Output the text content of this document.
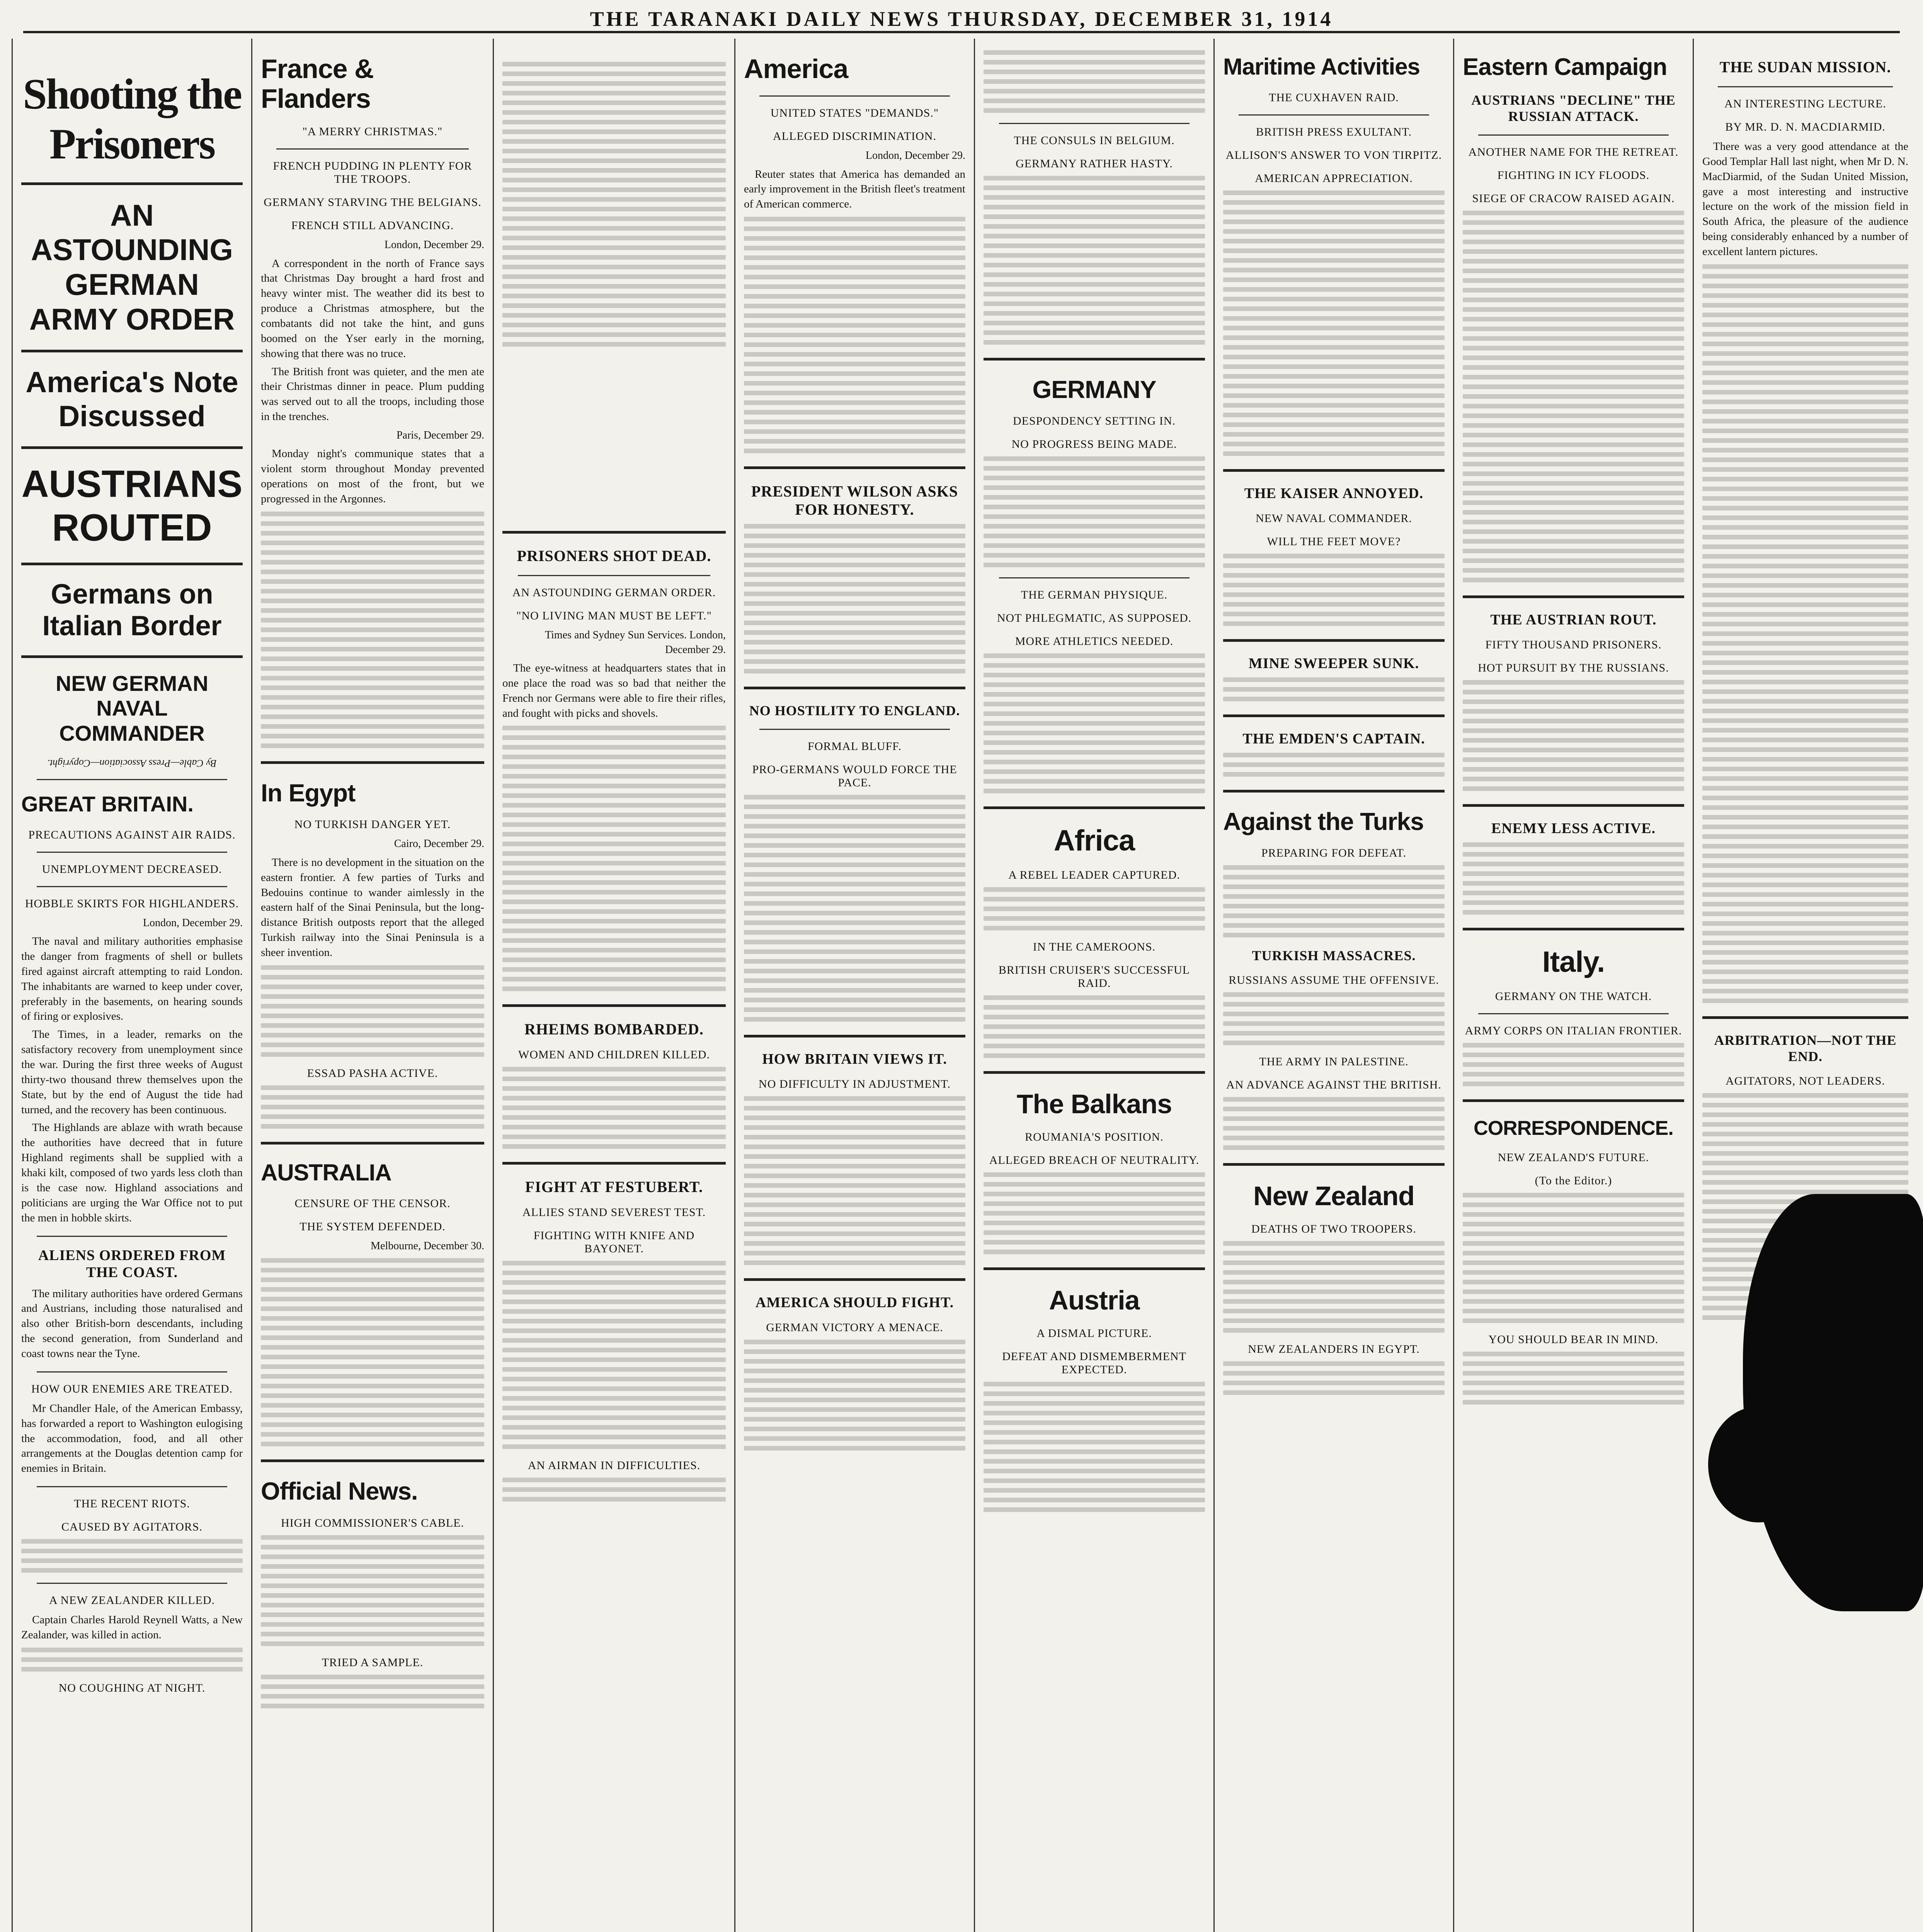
THE TARANAKI DAILY NEWS THURSDAY, DECEMBER 31, 1914
Shooting the Prisoners
AN ASTOUNDING GERMAN ARMY ORDER
America's Note Discussed
AUSTRIANS ROUTED
Germans on Italian Border
NEW GERMAN NAVAL COMMANDER
By Cable—Press Association—Copyright.
GREAT BRITAIN.
PRECAUTIONS AGAINST AIR RAIDS.
UNEMPLOYMENT DECREASED.
HOBBLE SKIRTS FOR HIGHLANDERS.

London, December 29.

The naval and military authorities emphasise the danger from fragments of shell or bullets fired against aircraft attempting to raid London. The inhabitants are warned to keep under cover, preferably in the basements, on hearing sounds of firing or explosives.

The Times, in a leader, remarks on the satisfactory recovery from unemployment since the war. During the first three weeks of August thirty-two thousand threw themselves upon the State, but by the end of August the tide had turned, and the recovery has been continuous.

The Highlands are ablaze with wrath because the authorities have decreed that in future Highland regiments shall be supplied with a khaki kilt, composed of two yards less cloth than is the case now. Highland associations and politicians are urging the War Office not to put the men in hobble skirts.

ALIENS ORDERED FROM THE COAST.

The military authorities have ordered Germans and Austrians, including those naturalised and also other British-born descendants, including the second generation, from Sunderland and coast towns near the Tyne.

HOW OUR ENEMIES ARE TREATED.

Mr Chandler Hale, of the American Embassy, has forwarded a report to Washington eulogising the accommodation, food, and all other arrangements at the Douglas detention camp for enemies in Britain.

THE RECENT RIOTS.
CAUSED BY AGITATORS.
A NEW ZEALANDER KILLED.

Captain Charles Harold Reynell Watts, a New Zealander, was killed in action.

NO COUGHING AT NIGHT.
France & Flanders
"A MERRY CHRISTMAS."
FRENCH PUDDING IN PLENTY FOR THE TROOPS.
GERMANY STARVING THE BELGIANS.
FRENCH STILL ADVANCING.

London, December 29.

A correspondent in the north of France says that Christmas Day brought a hard frost and heavy winter mist. The weather did its best to produce a Christmas atmosphere, but the combatants did not take the hint, and guns boomed on the Yser early in the morning, showing that there was no truce.

The British front was quieter, and the men ate their Christmas dinner in peace. Plum pudding was served out to all the troops, including those in the trenches.

Paris, December 29.

Monday night's communique states that a violent storm throughout Monday prevented operations on most of the front, but we progressed in the Argonnes.

In Egypt
NO TURKISH DANGER YET.

Cairo, December 29.

There is no development in the situation on the eastern frontier. A few parties of Turks and Bedouins continue to wander aimlessly in the eastern half of the Sinai Peninsula, but the long-distance British outposts report that the alleged Turkish railway into the Sinai Peninsula is a sheer invention.

ESSAD PASHA ACTIVE.
AUSTRALIA
CENSURE OF THE CENSOR.
THE SYSTEM DEFENDED.

Melbourne, December 30.

Official News.
HIGH COMMISSIONER'S CABLE.
TRIED A SAMPLE.
PRISONERS SHOT DEAD.
AN ASTOUNDING GERMAN ORDER.
"NO LIVING MAN MUST BE LEFT."

Times and Sydney Sun Services. London, December 29.

The eye-witness at headquarters states that in one place the road was so bad that neither the French nor Germans were able to fire their rifles, and fought with picks and shovels.

RHEIMS BOMBARDED.
WOMEN AND CHILDREN KILLED.
FIGHT AT FESTUBERT.
ALLIES STAND SEVEREST TEST.
FIGHTING WITH KNIFE AND BAYONET.
AN AIRMAN IN DIFFICULTIES.
America
UNITED STATES "DEMANDS."
ALLEGED DISCRIMINATION.

London, December 29.

Reuter states that America has demanded an early improvement in the British fleet's treatment of American commerce.

PRESIDENT WILSON ASKS FOR HONESTY.
NO HOSTILITY TO ENGLAND.
FORMAL BLUFF.
PRO-GERMANS WOULD FORCE THE PACE.
HOW BRITAIN VIEWS IT.
NO DIFFICULTY IN ADJUSTMENT.
AMERICA SHOULD FIGHT.
GERMAN VICTORY A MENACE.
THE CONSULS IN BELGIUM.
GERMANY RATHER HASTY.
GERMANY
DESPONDENCY SETTING IN.
NO PROGRESS BEING MADE.
THE GERMAN PHYSIQUE.
NOT PHLEGMATIC, AS SUPPOSED.
MORE ATHLETICS NEEDED.
Africa
A REBEL LEADER CAPTURED.
IN THE CAMEROONS.
BRITISH CRUISER'S SUCCESSFUL RAID.
The Balkans
ROUMANIA'S POSITION.
ALLEGED BREACH OF NEUTRALITY.
Austria
A DISMAL PICTURE.
DEFEAT AND DISMEMBERMENT EXPECTED.
Maritime Activities
THE CUXHAVEN RAID.
BRITISH PRESS EXULTANT.
ALLISON'S ANSWER TO VON TIRPITZ.
AMERICAN APPRECIATION.
THE KAISER ANNOYED.
NEW NAVAL COMMANDER.
WILL THE FEET MOVE?
MINE SWEEPER SUNK.
THE EMDEN'S CAPTAIN.
Against the Turks
PREPARING FOR DEFEAT.
TURKISH MASSACRES.
RUSSIANS ASSUME THE OFFENSIVE.
THE ARMY IN PALESTINE.
AN ADVANCE AGAINST THE BRITISH.
New Zealand
DEATHS OF TWO TROOPERS.
NEW ZEALANDERS IN EGYPT.
Eastern Campaign
AUSTRIANS "DECLINE" THE RUSSIAN ATTACK.
ANOTHER NAME FOR THE RETREAT.
FIGHTING IN ICY FLOODS.
SIEGE OF CRACOW RAISED AGAIN.
THE AUSTRIAN ROUT.
FIFTY THOUSAND PRISONERS.
HOT PURSUIT BY THE RUSSIANS.
ENEMY LESS ACTIVE.
Italy.
GERMANY ON THE WATCH.
ARMY CORPS ON ITALIAN FRONTIER.
CORRESPONDENCE.
NEW ZEALAND'S FUTURE.
(To the Editor.)
YOU SHOULD BEAR IN MIND.
THE SUDAN MISSION.
AN INTERESTING LECTURE.
BY MR. D. N. MACDIARMID.

There was a very good attendance at the Good Templar Hall last night, when Mr D. N. MacDiarmid, of the Sudan United Mission, gave a most interesting and instructive lecture on the work of the mission field in South Africa, the pleasure of the audience being considerably enhanced by a number of excellent lantern pictures.

ARBITRATION—NOT THE END.
AGITATORS, NOT LEADERS.
